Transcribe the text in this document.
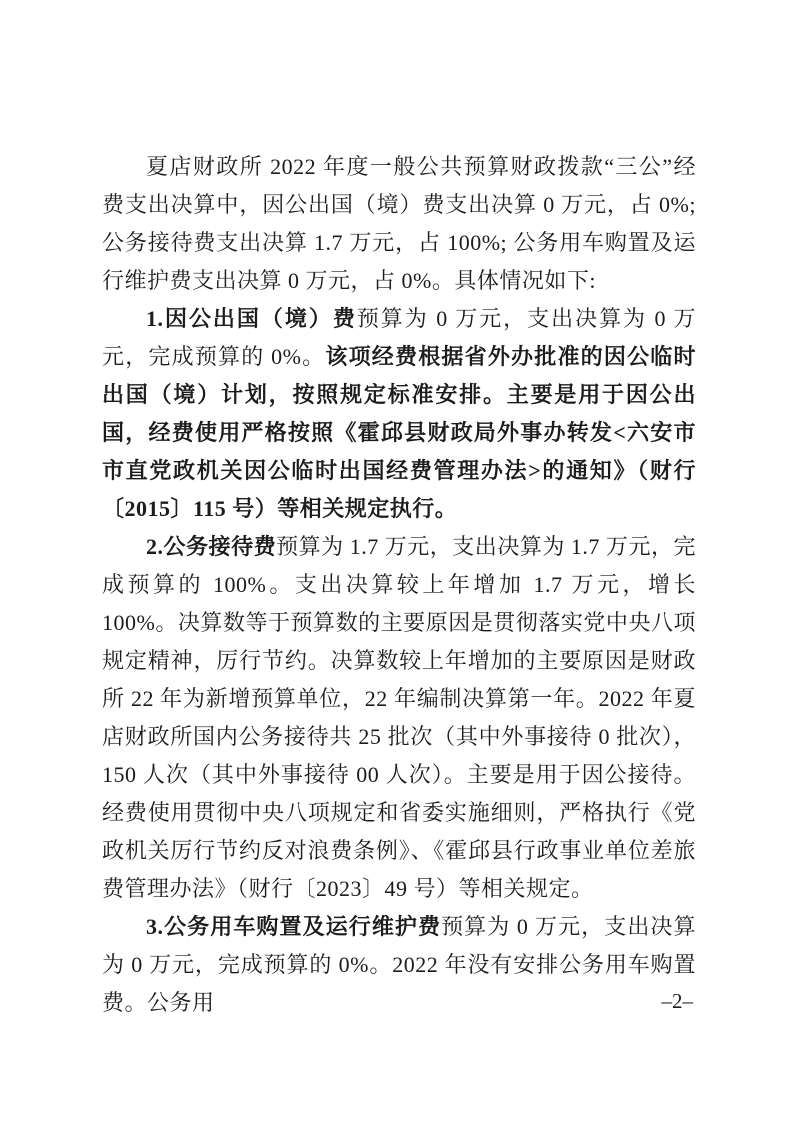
夏店财政所 2022 年度一般公共预算财政拨款“三公”经费支出决算中，因公出国（境）费支出决算 0 万元，占 0%;公务接待费支出决算 1.7 万元，占 100%; 公务用车购置及运行维护费支出决算 0 万元，占 0%。具体情况如下:

1.因公出国（境）费预算为 0 万元，支出决算为 0 万元，完成预算的 0%。该项经费根据省外办批准的因公临时出国（境）计划，按照规定标准安排。主要是用于因公出国，经费使用严格按照《霍邱县财政局外事办转发<六安市市直党政机关因公临时出国经费管理办法>的通知》（财行〔2015〕115 号）等相关规定执行。

2.公务接待费预算为 1.7 万元，支出决算为 1.7 万元，完成预算的 100%。支出决算较上年增加 1.7 万元，增长 100%。决算数等于预算数的主要原因是贯彻落实党中央八项规定精神，厉行节约。决算数较上年增加的主要原因是财政所 22 年为新增预算单位，22 年编制决算第一年。2022 年夏店财政所国内公务接待共 25 批次（其中外事接待 0 批次），150 人次（其中外事接待 00 人次）。主要是用于因公接待。经费使用贯彻中央八项规定和省委实施细则，严格执行《党政机关厉行节约反对浪费条例》、《霍邱县行政事业单位差旅费管理办法》（财行〔2023〕49 号）等相关规定。

3.公务用车购置及运行维护费预算为 0 万元，支出决算为 0 万元，完成预算的 0%。2022 年没有安排公务用车购置费。公务用	–2–
